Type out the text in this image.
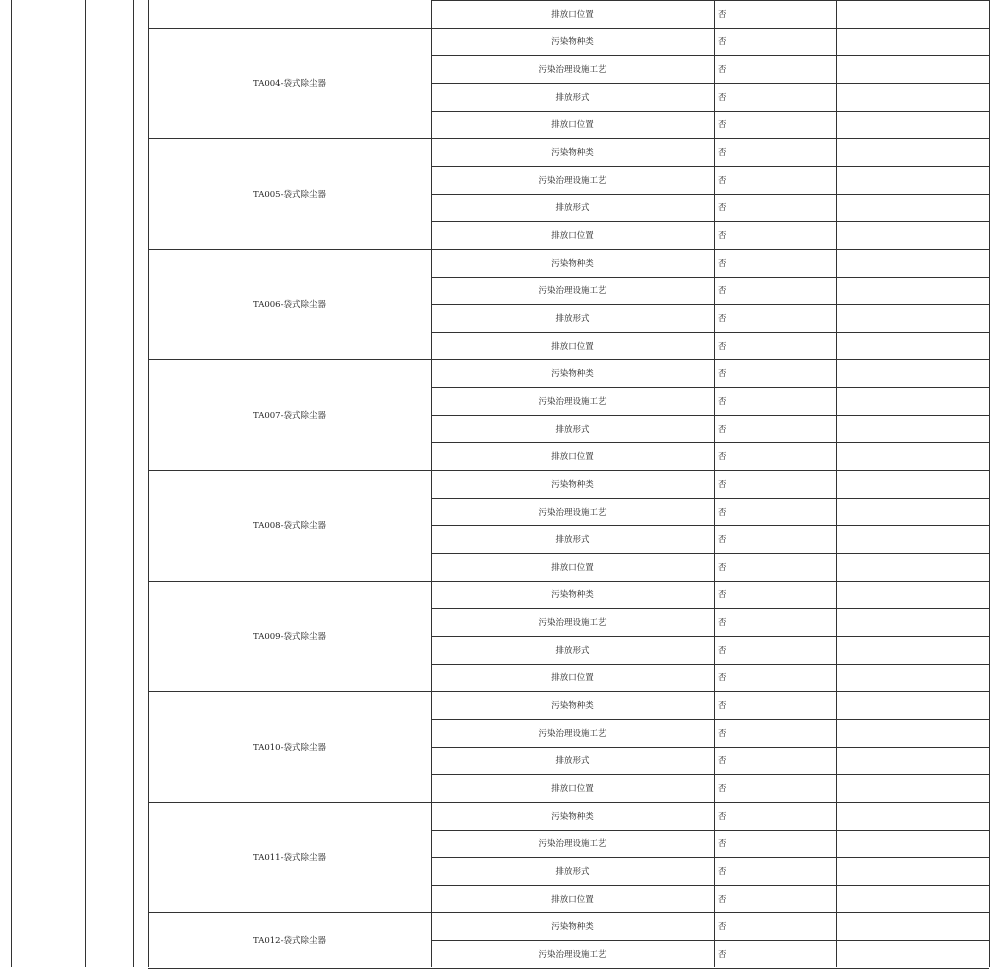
排放口位置	否
TA004-袋式除尘器
污染物种类	否
污染治理设施工艺	否
排放形式	否
排放口位置	否
TA005-袋式除尘器
污染物种类	否
污染治理设施工艺	否
排放形式	否
排放口位置	否
TA006-袋式除尘器
污染物种类	否
污染治理设施工艺	否
排放形式	否
排放口位置	否
TA007-袋式除尘器
污染物种类	否
污染治理设施工艺	否
排放形式	否
排放口位置	否
TA008-袋式除尘器
污染物种类	否
污染治理设施工艺	否
排放形式	否
排放口位置	否
TA009-袋式除尘器
污染物种类	否
污染治理设施工艺	否
排放形式	否
排放口位置	否
TA010-袋式除尘器
污染物种类	否
污染治理设施工艺	否
排放形式	否
排放口位置	否
TA011-袋式除尘器
污染物种类	否
污染治理设施工艺	否
排放形式	否
排放口位置	否
TA012-袋式除尘器
污染物种类	否
污染治理设施工艺	否
